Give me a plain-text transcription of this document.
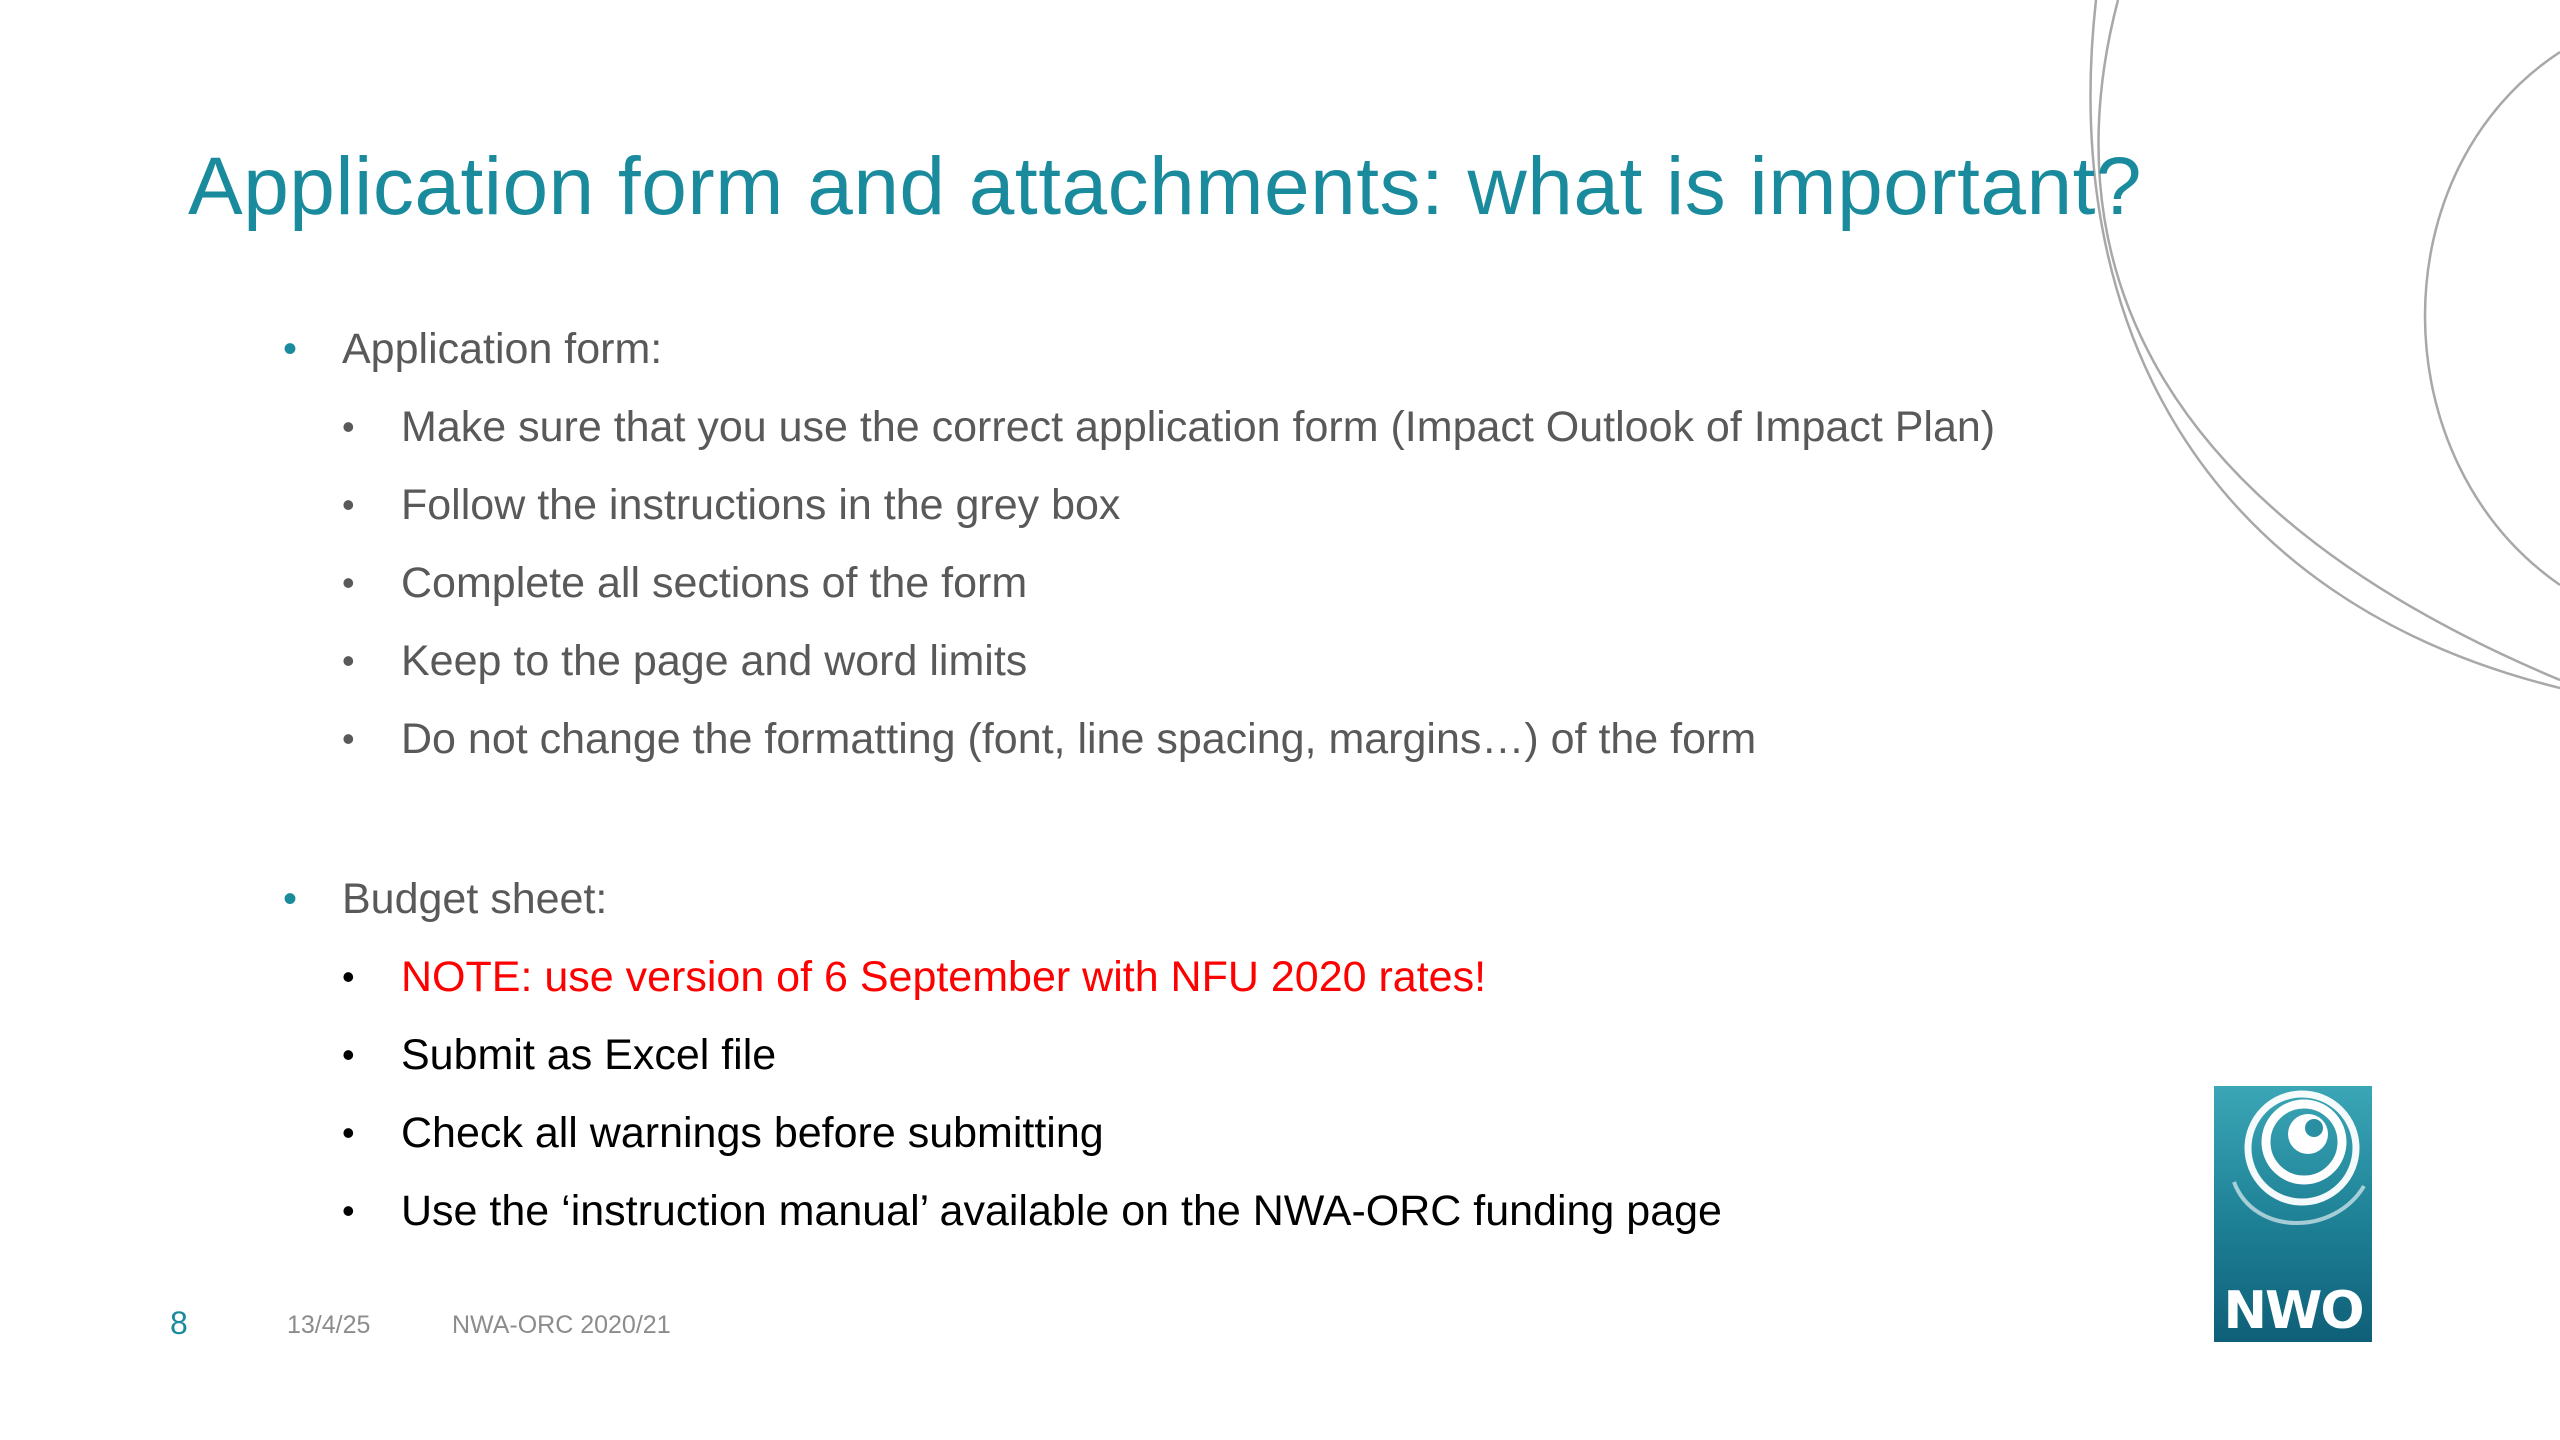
Application form and attachments: what is important?
• Application form:
• Make sure that you use the correct application form (Impact Outlook of Impact Plan)
• Follow the instructions in the grey box
• Complete all sections of the form
• Keep to the page and word limits
• Do not change the formatting (font, line spacing, margins…) of the form
• Budget sheet:
• NOTE: use version of 6 September with NFU 2020 rates!
• Submit as Excel file
• Check all warnings before submitting
• Use the ‘instruction manual’ available on the NWA-ORC funding page
8	13/4/25	NWA-ORC 2020/21	NWO
